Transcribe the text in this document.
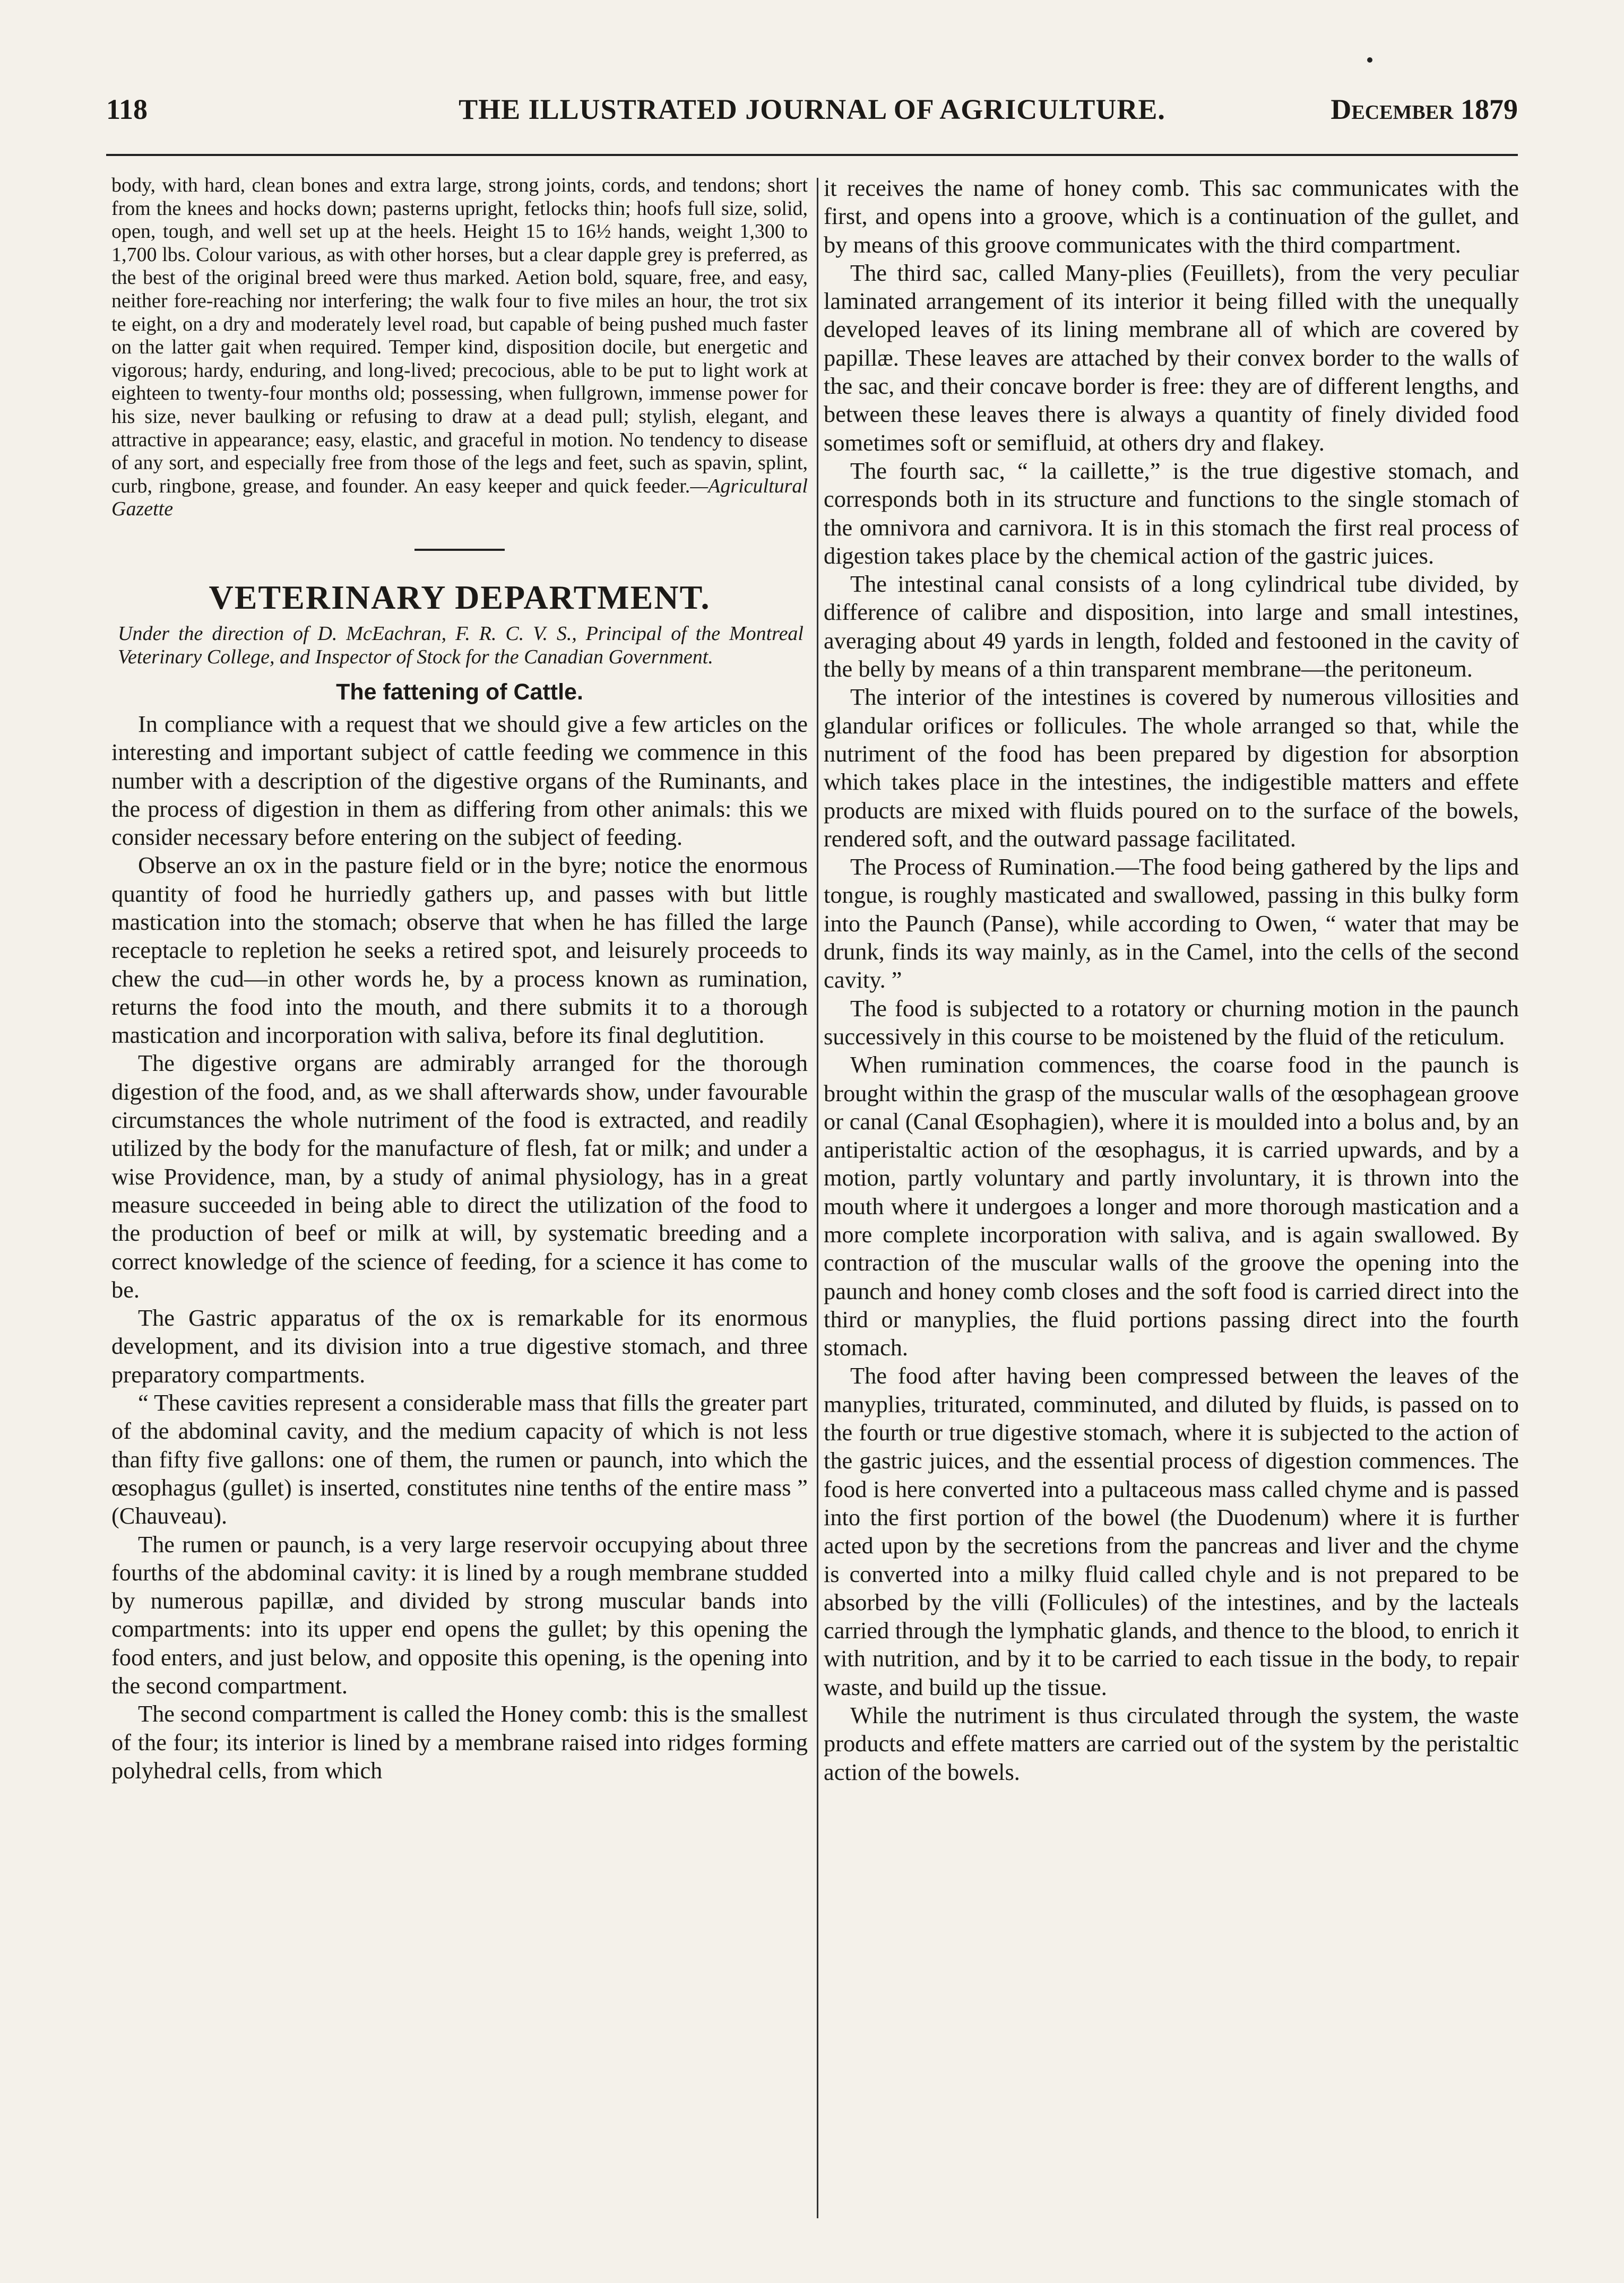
118	THE ILLUSTRATED JOURNAL OF AGRICULTURE.	December 1879

body, with hard, clean bones and extra large, strong joints, cords, and tendons; short from the knees and hocks down; pasterns upright, fetlocks thin; hoofs full size, solid, open, tough, and well set up at the heels. Height 15 to 16½ hands, weight 1,300 to 1,700 lbs. Colour various, as with other horses, but a clear dapple grey is preferred, as the best of the original breed were thus marked. Aetion bold, square, free, and easy, neither fore-reaching nor interfering; the walk four to five miles an hour, the trot six te eight, on a dry and moderately level road, but capable of being pushed much faster on the latter gait when required. Temper kind, disposition docile, but energetic and vigorous; hardy, enduring, and long-lived; precocious, able to be put to light work at eighteen to twenty-four months old; possessing, when fullgrown, immense power for his size, never baulking or refusing to draw at a dead pull; stylish, elegant, and attractive in appearance; easy, elastic, and graceful in motion. No tendency to disease of any sort, and especially free from those of the legs and feet, such as spavin, splint, curb, ringbone, grease, and founder. An easy keeper and quick feeder.—Agricultural Gazette

VETERINARY DEPARTMENT.
Under the direction of D. McEachran, F. R. C. V. S., Principal of the Montreal Veterinary College, and Inspector of Stock for the Canadian Government.
The fattening of Cattle.

In compliance with a request that we should give a few articles on the interesting and important subject of cattle feeding we commence in this number with a description of the digestive organs of the Ruminants, and the process of digestion in them as differing from other animals: this we consider necessary before entering on the subject of feeding.

Observe an ox in the pasture field or in the byre; notice the enormous quantity of food he hurriedly gathers up, and passes with but little mastication into the stomach; observe that when he has filled the large receptacle to repletion he seeks a retired spot, and leisurely proceeds to chew the cud—in other words he, by a process known as rumination, returns the food into the mouth, and there submits it to a thorough mastication and incorporation with saliva, before its final deglutition.

The digestive organs are admirably arranged for the thorough digestion of the food, and, as we shall afterwards show, under favourable circumstances the whole nutriment of the food is extracted, and readily utilized by the body for the manufacture of flesh, fat or milk; and under a wise Providence, man, by a study of animal physiology, has in a great measure succeeded in being able to direct the utilization of the food to the production of beef or milk at will, by systematic breeding and a correct knowledge of the science of feeding, for a science it has come to be.

The Gastric apparatus of the ox is remarkable for its enormous development, and its division into a true digestive stomach, and three preparatory compartments.

“ These cavities represent a considerable mass that fills the greater part of the abdominal cavity, and the medium capacity of which is not less than fifty five gallons: one of them, the rumen or paunch, into which the œsophagus (gullet) is inserted, constitutes nine tenths of the entire mass ” (Chauveau).

The rumen or paunch, is a very large reservoir occupying about three fourths of the abdominal cavity: it is lined by a rough membrane studded by numerous papillæ, and divided by strong muscular bands into compartments: into its upper end opens the gullet; by this opening the food enters, and just below, and opposite this opening, is the opening into the second compartment.

The second compartment is called the Honey comb: this is the smallest of the four; its interior is lined by a membrane raised into ridges forming polyhedral cells, from which

it receives the name of honey comb. This sac communicates with the first, and opens into a groove, which is a continuation of the gullet, and by means of this groove communicates with the third compartment.

The third sac, called Many-plies (Feuillets), from the very peculiar laminated arrangement of its interior it being filled with the unequally developed leaves of its lining membrane all of which are covered by papillæ. These leaves are attached by their convex border to the walls of the sac, and their concave border is free: they are of different lengths, and between these leaves there is always a quantity of finely divided food sometimes soft or semifluid, at others dry and flakey.

The fourth sac, “ la caillette,” is the true digestive stomach, and corresponds both in its structure and functions to the single stomach of the omnivora and carnivora. It is in this stomach the first real process of digestion takes place by the chemical action of the gastric juices.

The intestinal canal consists of a long cylindrical tube divided, by difference of calibre and disposition, into large and small intestines, averaging about 49 yards in length, folded and festooned in the cavity of the belly by means of a thin transparent membrane—the peritoneum.

The interior of the intestines is covered by numerous villosities and glandular orifices or follicules. The whole arranged so that, while the nutriment of the food has been prepared by digestion for absorption which takes place in the intestines, the indigestible matters and effete products are mixed with fluids poured on to the surface of the bowels, rendered soft, and the outward passage facilitated.

The Process of Rumination.—The food being gathered by the lips and tongue, is roughly masticated and swallowed, passing in this bulky form into the Paunch (Panse), while according to Owen, “ water that may be drunk, finds its way mainly, as in the Camel, into the cells of the second cavity. ”

The food is subjected to a rotatory or churning motion in the paunch successively in this course to be moistened by the fluid of the reticulum.

When rumination commences, the coarse food in the paunch is brought within the grasp of the muscular walls of the œsophagean groove or canal (Canal Œsophagien), where it is moulded into a bolus and, by an antiperistaltic action of the œsophagus, it is carried upwards, and by a motion, partly voluntary and partly involuntary, it is thrown into the mouth where it undergoes a longer and more thorough mastication and a more complete incorporation with saliva, and is again swallowed. By contraction of the muscular walls of the groove the opening into the paunch and honey comb closes and the soft food is carried direct into the third or manyplies, the fluid portions passing direct into the fourth stomach.

The food after having been compressed between the leaves of the manyplies, triturated, comminuted, and diluted by fluids, is passed on to the fourth or true digestive stomach, where it is subjected to the action of the gastric juices, and the essential process of digestion commences. The food is here converted into a pultaceous mass called chyme and is passed into the first portion of the bowel (the Duodenum) where it is further acted upon by the secretions from the pancreas and liver and the chyme is converted into a milky fluid called chyle and is not prepared to be absorbed by the villi (Follicules) of the intestines, and by the lacteals carried through the lymphatic glands, and thence to the blood, to enrich it with nutrition, and by it to be carried to each tissue in the body, to repair waste, and build up the tissue.

While the nutriment is thus circulated through the system, the waste products and effete matters are carried out of the system by the peristaltic action of the bowels.
